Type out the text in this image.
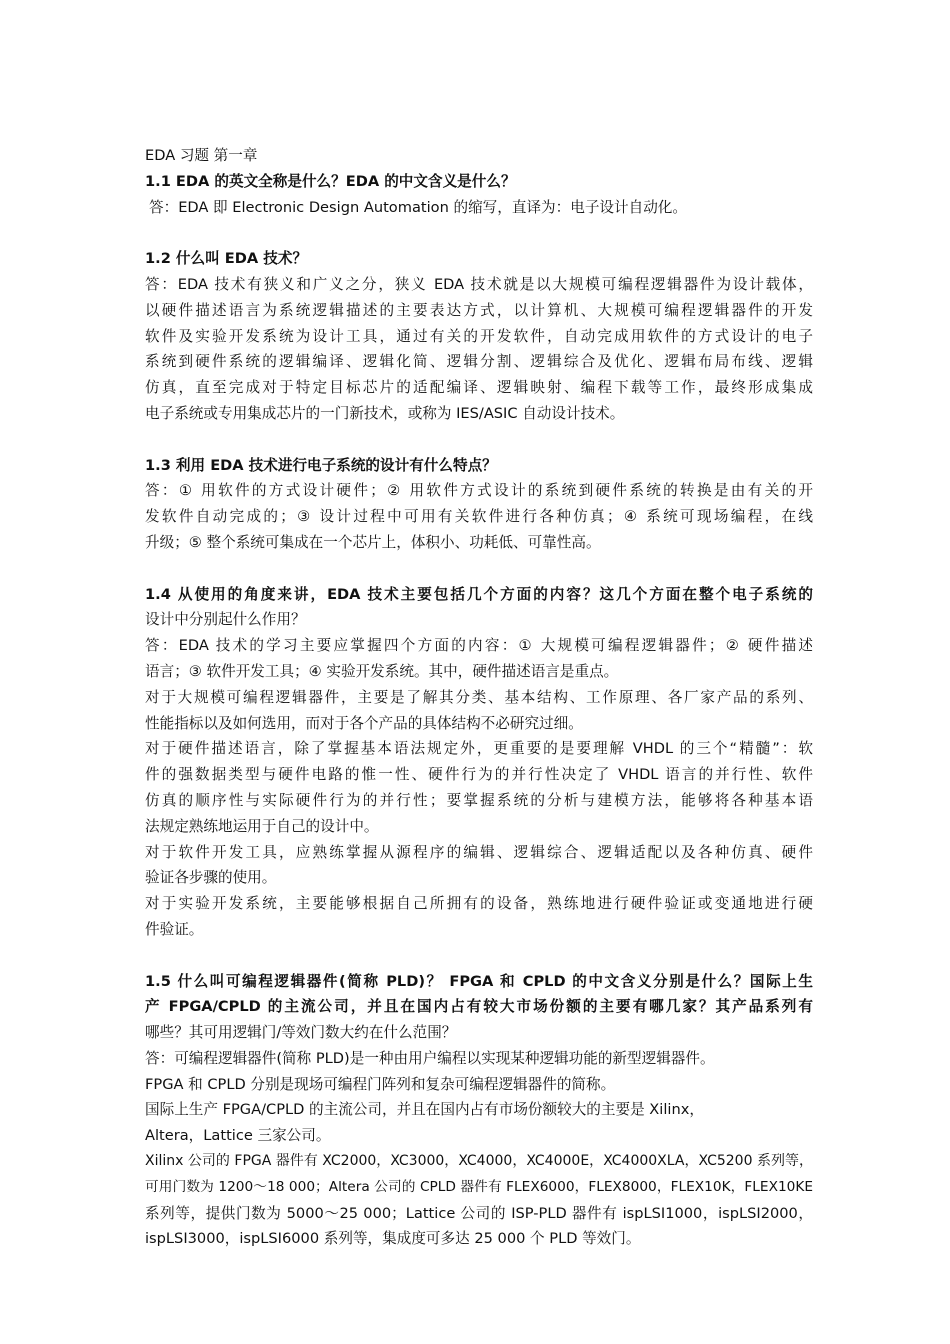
EDA 习题 第一章
1.1 EDA 的英文全称是什么？EDA 的中文含义是什么？
答：EDA 即 Electronic Design Automation 的缩写，直译为：电子设计自动化。
1.2 什么叫 EDA 技术？
答：EDA 技术有狭义和广义之分，狭义 EDA 技术就是以大规模可编程逻辑器件为设计载体，
以硬件描述语言为系统逻辑描述的主要表达方式，以计算机、大规模可编程逻辑器件的开发
软件及实验开发系统为设计工具，通过有关的开发软件，自动完成用软件的方式设计的电子
系统到硬件系统的逻辑编译、逻辑化简、逻辑分割、逻辑综合及优化、逻辑布局布线、逻辑
仿真，直至完成对于特定目标芯片的适配编译、逻辑映射、编程下载等工作，最终形成集成
电子系统或专用集成芯片的一门新技术，或称为 IES/ASIC 自动设计技术。
1.3 利用 EDA 技术进行电子系统的设计有什么特点？
答：① 用软件的方式设计硬件；② 用软件方式设计的系统到硬件系统的转换是由有关的开
发软件自动完成的；③ 设计过程中可用有关软件进行各种仿真；④ 系统可现场编程，在线
升级；⑤ 整个系统可集成在一个芯片上，体积小、功耗低、可靠性高。
1.4 从使用的角度来讲，EDA 技术主要包括几个方面的内容？这几个方面在整个电子系统的
设计中分别起什么作用？
答：EDA 技术的学习主要应掌握四个方面的内容：① 大规模可编程逻辑器件；② 硬件描述
语言；③ 软件开发工具；④ 实验开发系统。其中，硬件描述语言是重点。
对于大规模可编程逻辑器件，主要是了解其分类、基本结构、工作原理、各厂家产品的系列、
性能指标以及如何选用，而对于各个产品的具体结构不必研究过细。
对于硬件描述语言，除了掌握基本语法规定外，更重要的是要理解 VHDL 的三个“精髓”：软
件的强数据类型与硬件电路的惟一性、硬件行为的并行性决定了 VHDL 语言的并行性、软件
仿真的顺序性与实际硬件行为的并行性；要掌握系统的分析与建模方法，能够将各种基本语
法规定熟练地运用于自己的设计中。
对于软件开发工具，应熟练掌握从源程序的编辑、逻辑综合、逻辑适配以及各种仿真、硬件
验证各步骤的使用。
对于实验开发系统，主要能够根据自己所拥有的设备，熟练地进行硬件验证或变通地进行硬
件验证。
1.5 什么叫可编程逻辑器件(简称 PLD)？ FPGA 和 CPLD 的中文含义分别是什么？国际上生
产 FPGA/CPLD 的主流公司，并且在国内占有较大市场份额的主要有哪几家？其产品系列有
哪些？其可用逻辑门/等效门数大约在什么范围？
答：可编程逻辑器件(简称 PLD)是一种由用户编程以实现某种逻辑功能的新型逻辑器件。
FPGA 和 CPLD 分别是现场可编程门阵列和复杂可编程逻辑器件的简称。
国际上生产 FPGA/CPLD 的主流公司，并且在国内占有市场份额较大的主要是 Xilinx，
Altera，Lattice 三家公司。
Xilinx 公司的 FPGA 器件有 XC2000，XC3000，XC4000，XC4000E，XC4000XLA，XC5200 系列等，
可用门数为 1200～18 000；Altera 公司的 CPLD 器件有 FLEX6000，FLEX8000，FLEX10K，FLEX10KE
系列等，提供门数为 5000～25 000；Lattice 公司的 ISP-PLD 器件有 ispLSI1000，ispLSI2000，
ispLSI3000，ispLSI6000 系列等，集成度可多达 25 000 个 PLD 等效门。
